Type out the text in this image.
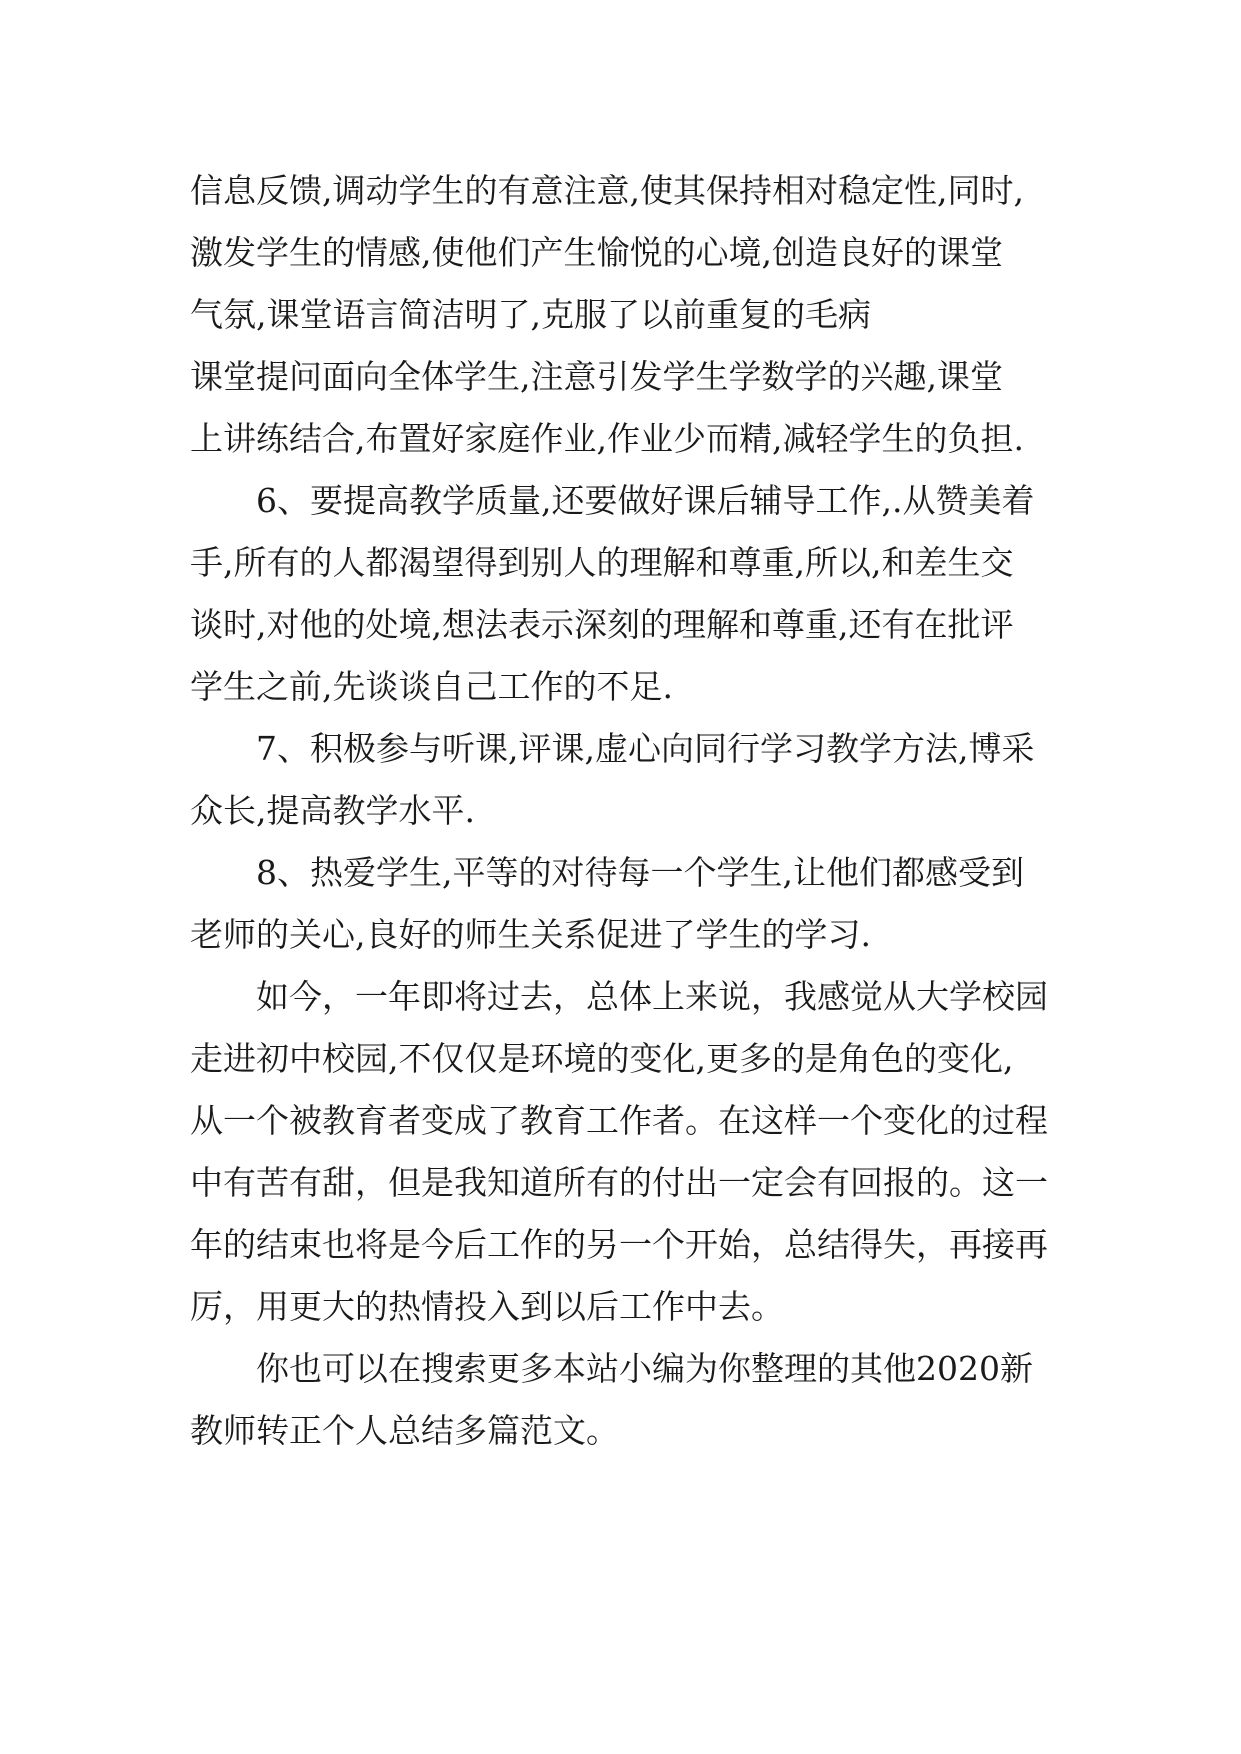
信息反馈,调动学生的有意注意,使其保持相对稳定性,同时,
激发学生的情感,使他们产生愉悦的心境,创造良好的课堂
气氛,课堂语言简洁明了,克服了以前重复的毛病
课堂提问面向全体学生,注意引发学生学数学的兴趣,课堂
上讲练结合,布置好家庭作业,作业少而精,减轻学生的负担.
6、要提高教学质量,还要做好课后辅导工作,.从赞美着
手,所有的人都渴望得到别人的理解和尊重,所以,和差生交
谈时,对他的处境,想法表示深刻的理解和尊重,还有在批评
学生之前,先谈谈自己工作的不足.
7、积极参与听课,评课,虚心向同行学习教学方法,博采
众长,提高教学水平.
8、热爱学生,平等的对待每一个学生,让他们都感受到
老师的关心,良好的师生关系促进了学生的学习.
如今，一年即将过去，总体上来说，我感觉从大学校园
走进初中校园,不仅仅是环境的变化,更多的是角色的变化,
从一个被教育者变成了教育工作者。在这样一个变化的过程
中有苦有甜，但是我知道所有的付出一定会有回报的。这一
年的结束也将是今后工作的另一个开始，总结得失，再接再
厉，用更大的热情投入到以后工作中去。
你也可以在搜索更多本站小编为你整理的其他2020新
教师转正个人总结多篇范文。
